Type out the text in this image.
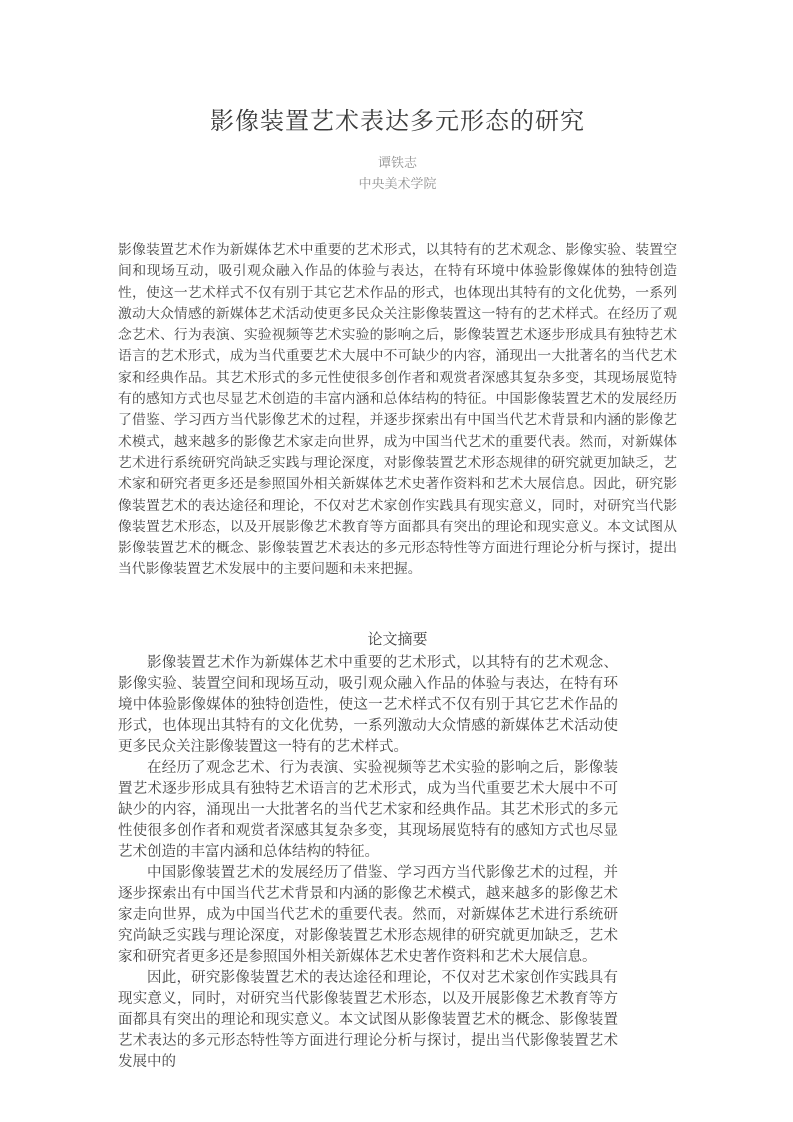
影像装置艺术表达多元形态的研究

谭铁志

中央美术学院

影像装置艺术作为新媒体艺术中重要的艺术形式，以其特有的艺术观念、影像实验、装置空间和现场互动，吸引观众融入作品的体验与表达，在特有环境中体验影像媒体的独特创造性，使这一艺术样式不仅有别于其它艺术作品的形式，也体现出其特有的文化优势，一系列激动大众情感的新媒体艺术活动使更多民众关注影像装置这一特有的艺术样式。在经历了观念艺术、行为表演、实验视频等艺术实验的影响之后，影像装置艺术逐步形成具有独特艺术语言的艺术形式，成为当代重要艺术大展中不可缺少的内容，涌现出一大批著名的当代艺术家和经典作品。其艺术形式的多元性使很多创作者和观赏者深感其复杂多变，其现场展览特有的感知方式也尽显艺术创造的丰富内涵和总体结构的特征。中国影像装置艺术的发展经历了借鉴、学习西方当代影像艺术的过程，并逐步探索出有中国当代艺术背景和内涵的影像艺术模式，越来越多的影像艺术家走向世界，成为中国当代艺术的重要代表。然而，对新媒体艺术进行系统研究尚缺乏实践与理论深度，对影像装置艺术形态规律的研究就更加缺乏，艺术家和研究者更多还是参照国外相关新媒体艺术史著作资料和艺术大展信息。因此，研究影像装置艺术的表达途径和理论，不仅对艺术家创作实践具有现实意义，同时，对研究当代影像装置艺术形态，以及开展影像艺术教育等方面都具有突出的理论和现实意义。本文试图从影像装置艺术的概念、影像装置艺术表达的多元形态特性等方面进行理论分析与探讨，提出当代影像装置艺术发展中的主要问题和未来把握。

论文摘要

影像装置艺术作为新媒体艺术中重要的艺术形式，以其特有的艺术观念、影像实验、装置空间和现场互动，吸引观众融入作品的体验与表达，在特有环境中体验影像媒体的独特创造性，使这一艺术样式不仅有别于其它艺术作品的形式，也体现出其特有的文化优势，一系列激动大众情感的新媒体艺术活动使更多民众关注影像装置这一特有的艺术样式。

在经历了观念艺术、行为表演、实验视频等艺术实验的影响之后，影像装置艺术逐步形成具有独特艺术语言的艺术形式，成为当代重要艺术大展中不可缺少的内容，涌现出一大批著名的当代艺术家和经典作品。其艺术形式的多元性使很多创作者和观赏者深感其复杂多变，其现场展览特有的感知方式也尽显艺术创造的丰富内涵和总体结构的特征。

中国影像装置艺术的发展经历了借鉴、学习西方当代影像艺术的过程，并逐步探索出有中国当代艺术背景和内涵的影像艺术模式，越来越多的影像艺术家走向世界，成为中国当代艺术的重要代表。然而，对新媒体艺术进行系统研究尚缺乏实践与理论深度，对影像装置艺术形态规律的研究就更加缺乏，艺术家和研究者更多还是参照国外相关新媒体艺术史著作资料和艺术大展信息。

因此，研究影像装置艺术的表达途径和理论，不仅对艺术家创作实践具有现实意义，同时，对研究当代影像装置艺术形态，以及开展影像艺术教育等方面都具有突出的理论和现实意义。本文试图从影像装置艺术的概念、影像装置艺术表达的多元形态特性等方面进行理论分析与探讨，提出当代影像装置艺术发展中的
